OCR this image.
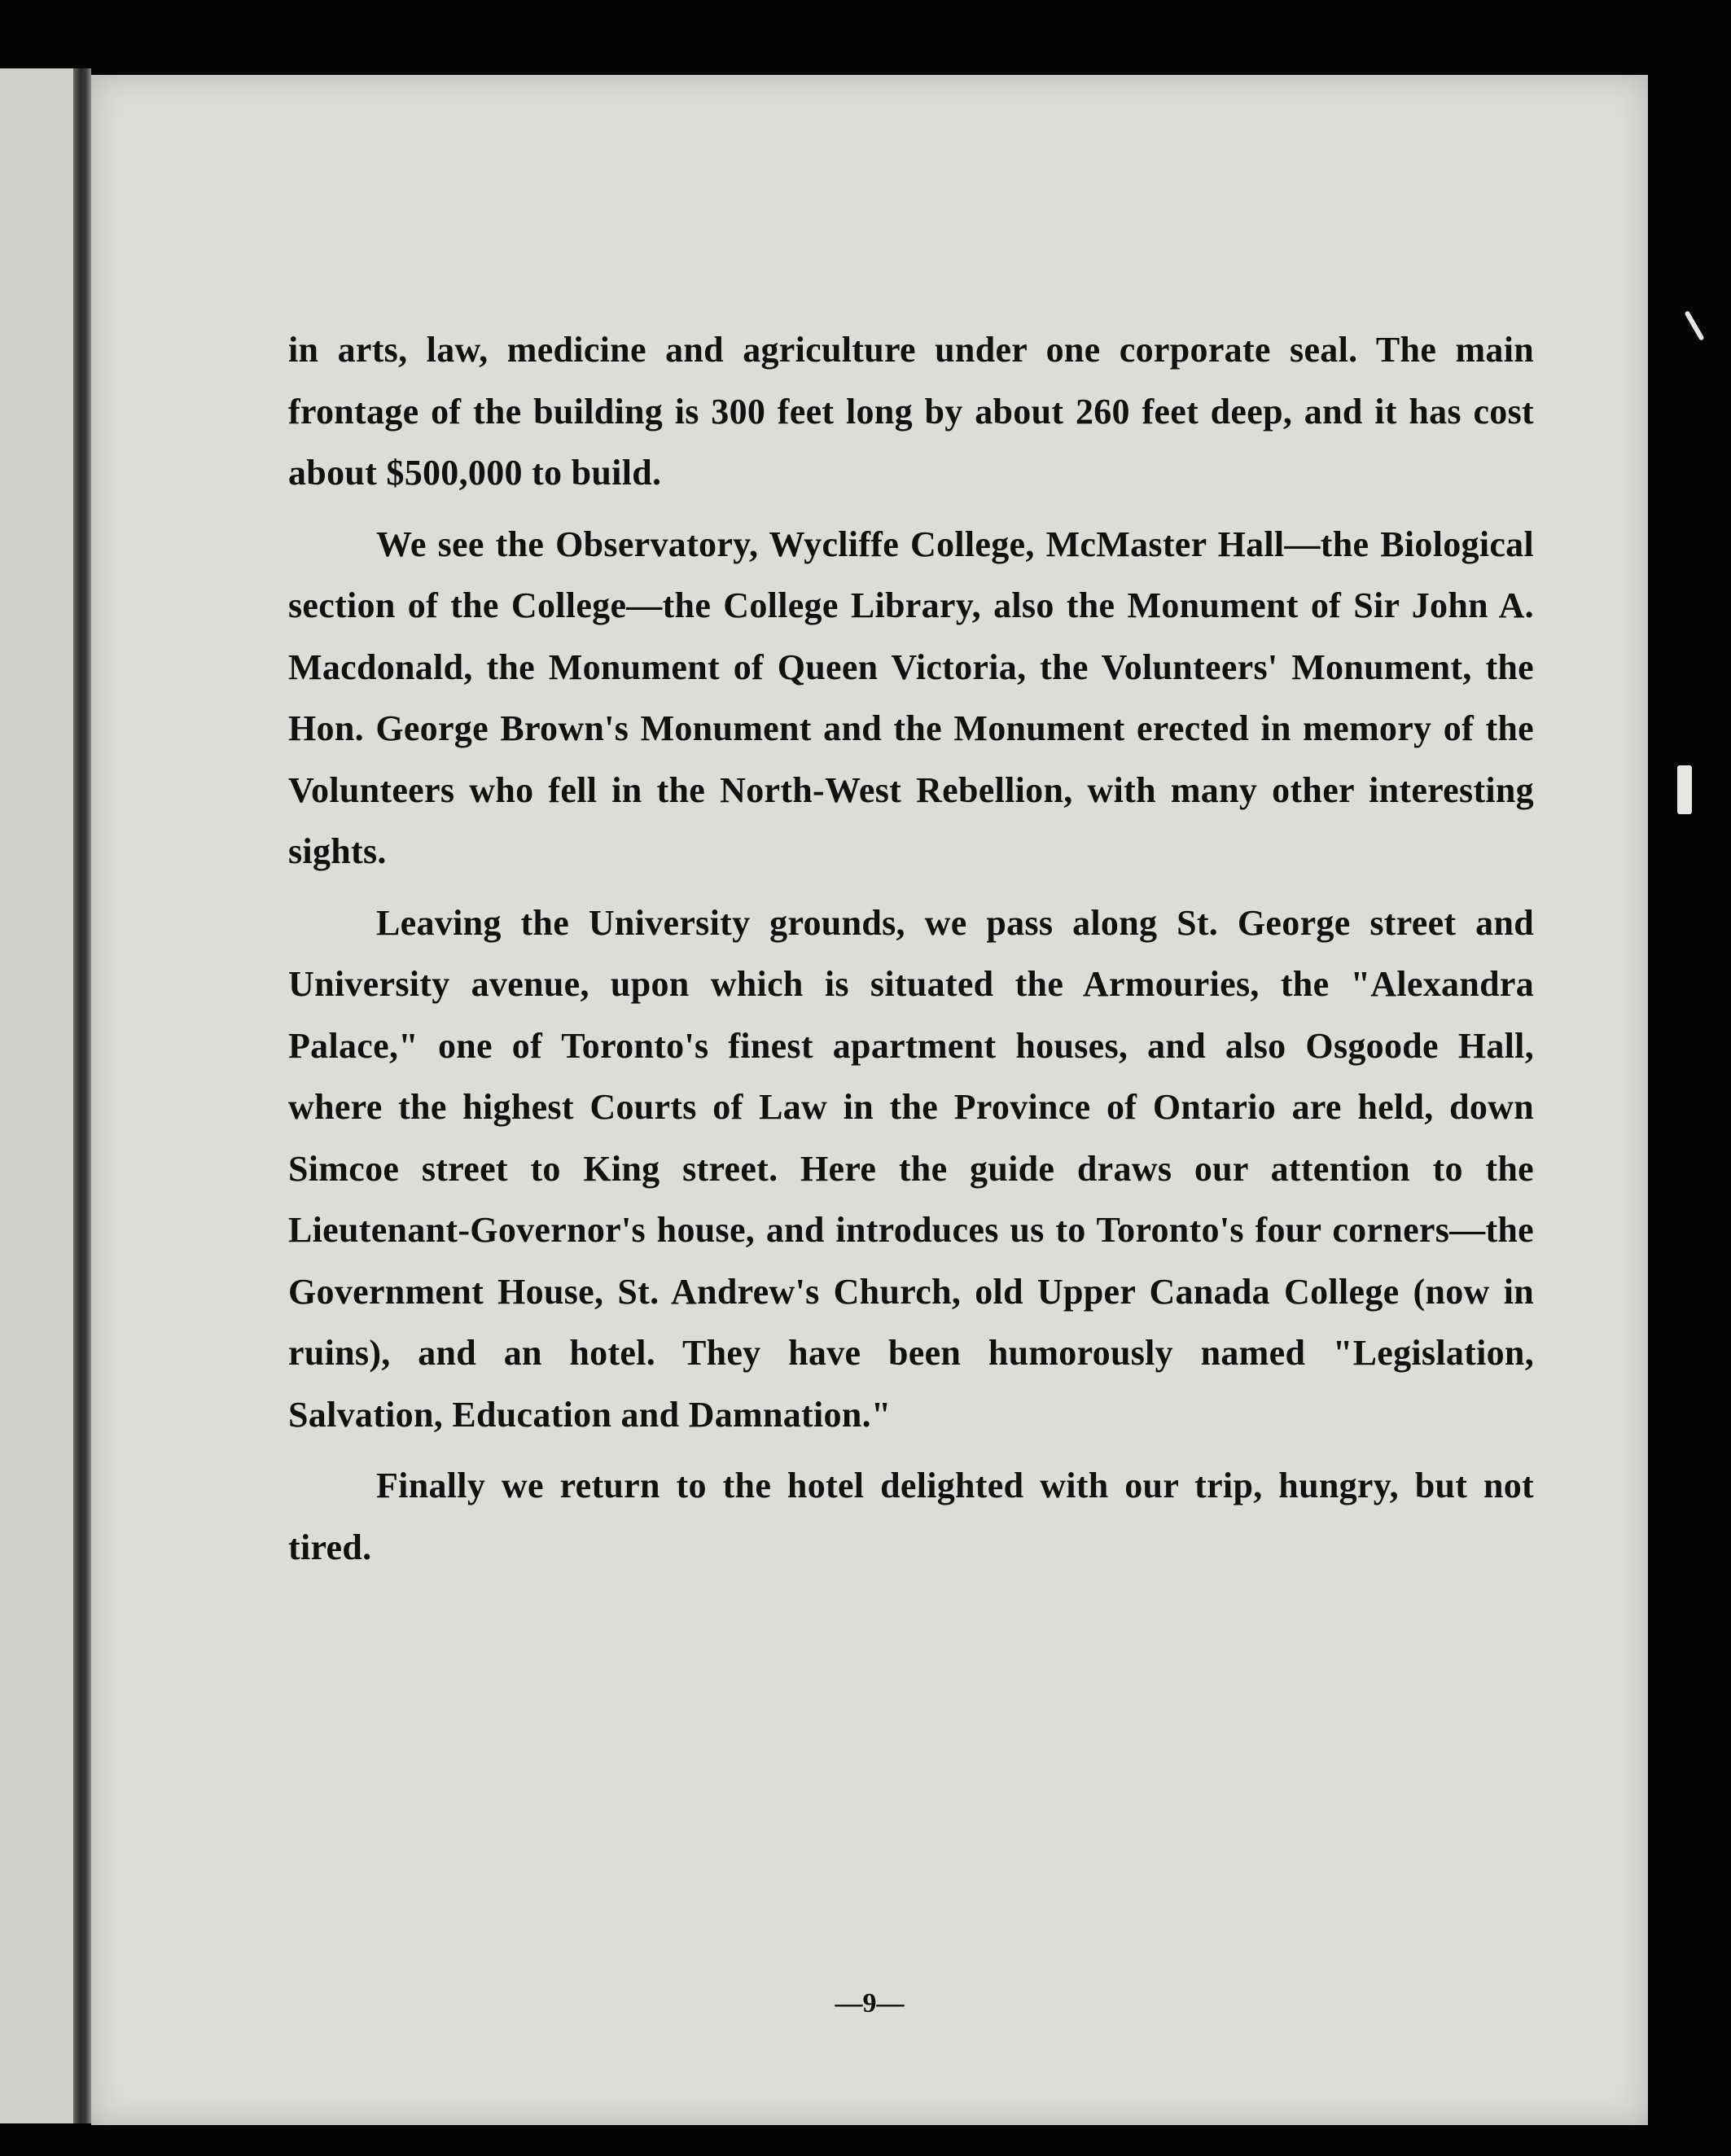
in arts, law, medicine and agriculture under one corporate seal. The main frontage of the building is 300 feet long by about 260 feet deep, and it has cost about $500,000 to build.

We see the Observatory, Wycliffe College, McMaster Hall—the Biological section of the College—the College Library, also the Monument of Sir John A. Macdonald, the Monument of Queen Victoria, the Volunteers' Monument, the Hon. George Brown's Monument and the Monument erected in memory of the Volunteers who fell in the North-West Rebellion, with many other interesting sights.

Leaving the University grounds, we pass along St. George street and University avenue, upon which is situated the Armouries, the "Alexandra Palace," one of Toronto's finest apartment houses, and also Osgoode Hall, where the highest Courts of Law in the Province of Ontario are held, down Simcoe street to King street. Here the guide draws our attention to the Lieutenant-Governor's house, and introduces us to Toronto's four corners—the Government House, St. Andrew's Church, old Upper Canada College (now in ruins), and an hotel. They have been humorously named "Legislation, Salvation, Education and Damnation."

Finally we return to the hotel delighted with our trip, hungry, but not tired.

—9—
